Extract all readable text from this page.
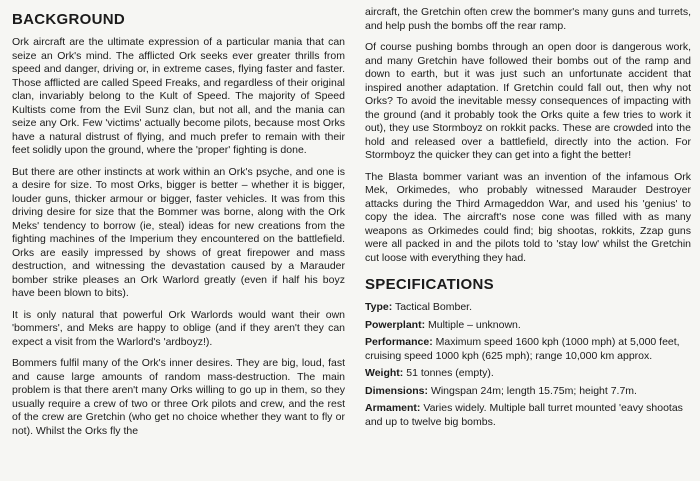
BACKGROUND

Ork aircraft are the ultimate expression of a particular mania that can seize an Ork's mind. The afflicted Ork seeks ever greater thrills from speed and danger, driving or, in extreme cases, flying faster and faster. Those afflicted are called Speed Freaks, and regardless of their original clan, invariably belong to the Kult of Speed. The majority of Speed Kultists come from the Evil Sunz clan, but not all, and the mania can seize any Ork. Few 'victims' actually become pilots, because most Orks have a natural distrust of flying, and much prefer to remain with their feet solidly upon the ground, where the 'proper' fighting is done.

But there are other instincts at work within an Ork's psyche, and one is a desire for size. To most Orks, bigger is better – whether it is bigger, louder guns, thicker armour or bigger, faster vehicles. It was from this driving desire for size that the Bommer was borne, along with the Ork Meks' tendency to borrow (ie, steal) ideas for new creations from the fighting machines of the Imperium they encountered on the battlefield. Orks are easily impressed by shows of great firepower and mass destruction, and witnessing the devastation caused by a Marauder bomber strike pleases an Ork Warlord greatly (even if half his boyz have been blown to bits).

It is only natural that powerful Ork Warlords would want their own 'bommers', and Meks are happy to oblige (and if they aren't they can expect a visit from the Warlord's 'ardboyz!).

Bommers fulfil many of the Ork's inner desires. They are big, loud, fast and cause large amounts of random mass-destruction. The main problem is that there aren't many Orks willing to go up in them, so they usually require a crew of two or three Ork pilots and crew, and the rest of the crew are Gretchin (who get no choice whether they want to fly or not). Whilst the Orks fly the

aircraft, the Gretchin often crew the bommer's many guns and turrets, and help push the bombs off the rear ramp.

Of course pushing bombs through an open door is dangerous work, and many Gretchin have followed their bombs out of the ramp and down to earth, but it was just such an unfortunate accident that inspired another adaptation. If Gretchin could fall out, then why not Orks? To avoid the inevitable messy consequences of impacting with the ground (and it probably took the Orks quite a few tries to work it out), they use Stormboyz on rokkit packs. These are crowded into the hold and released over a battlefield, directly into the action. For Stormboyz the quicker they can get into a fight the better!

The Blasta bommer variant was an invention of the infamous Ork Mek, Orkimedes, who probably witnessed Marauder Destroyer attacks during the Third Armageddon War, and used his 'genius' to copy the idea. The aircraft's nose cone was filled with as many weapons as Orkimedes could find; big shootas, rokkits, Zzap guns were all packed in and the pilots told to 'stay low' whilst the Gretchin cut loose with everything they had.

SPECIFICATIONS
Type: Tactical Bomber.
Powerplant: Multiple – unknown.
Performance: Maximum speed 1600 kph (1000 mph) at 5,000 feet, cruising speed 1000 kph (625 mph); range 10,000 km approx.
Weight: 51 tonnes (empty).
Dimensions: Wingspan 24m; length 15.75m; height 7.7m.
Armament: Varies widely. Multiple ball turret mounted 'eavy shootas and up to twelve big bombs.
